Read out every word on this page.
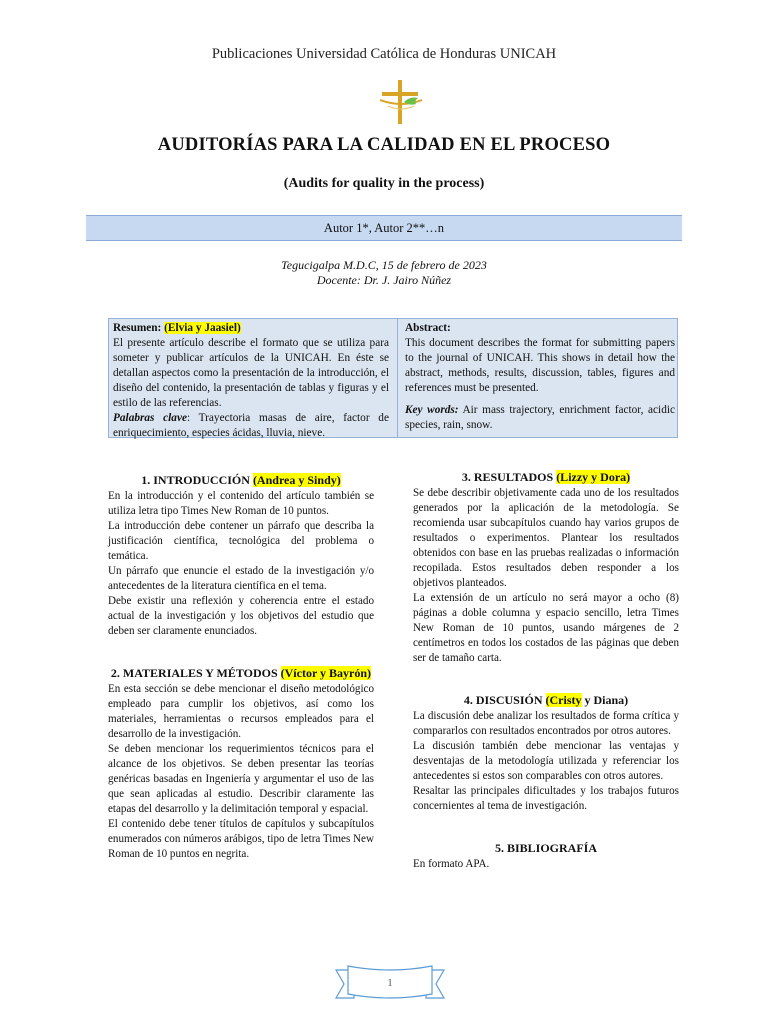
Publicaciones Universidad Católica de Honduras UNICAH
AUDITORÍAS PARA LA CALIDAD EN EL PROCESO
(Audits for quality in the process)
Autor 1*, Autor 2**…n
Tegucigalpa M.D.C, 15 de febrero de 2023
Docente: Dr. J. Jairo Núñez
Resumen: (Elvia y Jaasiel)

El presente artículo describe el formato que se utiliza para someter y publicar artículos de la UNICAH. En éste se detallan aspectos como la presentación de la introducción, el diseño del contenido, la presentación de tablas y figuras y el estilo de las referencias.

Palabras clave: Trayectoria masas de aire, factor de enriquecimiento, especies ácidas, lluvia, nieve.

Abstract:

This document describes the format for submitting papers to the journal of UNICAH. This shows in detail how the abstract, methods, results, discussion, tables, figures and references must be presented.

Key words: Air mass trajectory, enrichment factor, acidic species, rain, snow.

1. INTRODUCCIÓN (Andrea y Sindy)

En la introducción y el contenido del artículo también se utiliza letra tipo Times New Roman de 10 puntos.

La introducción debe contener un párrafo que describa la justificación científica, tecnológica del problema o temática.

Un párrafo que enuncie el estado de la investigación y/o antecedentes de la literatura científica en el tema.

Debe existir una reflexión y coherencia entre el estado actual de la investigación y los objetivos del estudio que deben ser claramente enunciados.

2. MATERIALES Y MÉTODOS (Víctor y Bayrón)

En esta sección se debe mencionar el diseño metodológico empleado para cumplir los objetivos, así como los materiales, herramientas o recursos empleados para el desarrollo de la investigación.

Se deben mencionar los requerimientos técnicos para el alcance de los objetivos. Se deben presentar las teorías genéricas basadas en Ingeniería y argumentar el uso de las que sean aplicadas al estudio. Describir claramente las etapas del desarrollo y la delimitación temporal y espacial.

El contenido debe tener títulos de capítulos y subcapítulos enumerados con números arábigos, tipo de letra Times New Roman de 10 puntos en negrita.

3. RESULTADOS (Lizzy y Dora)

Se debe describir objetivamente cada uno de los resultados generados por la aplicación de la metodología. Se recomienda usar subcapítulos cuando hay varios grupos de resultados o experimentos. Plantear los resultados obtenidos con base en las pruebas realizadas o información recopilada. Estos resultados deben responder a los objetivos planteados.

La extensión de un artículo no será mayor a ocho (8) páginas a doble columna y espacio sencillo, letra Times New Roman de 10 puntos, usando márgenes de 2 centímetros en todos los costados de las páginas que deben ser de tamaño carta.

4. DISCUSIÓN (Cristy y Diana)

La discusión debe analizar los resultados de forma crítica y compararlos con resultados encontrados por otros autores.

La discusión también debe mencionar las ventajas y desventajas de la metodología utilizada y referenciar los antecedentes si estos son comparables con otros autores.

Resaltar las principales dificultades y los trabajos futuros concernientes al tema de investigación.

5. BIBLIOGRAFÍA

En formato APA.

1
